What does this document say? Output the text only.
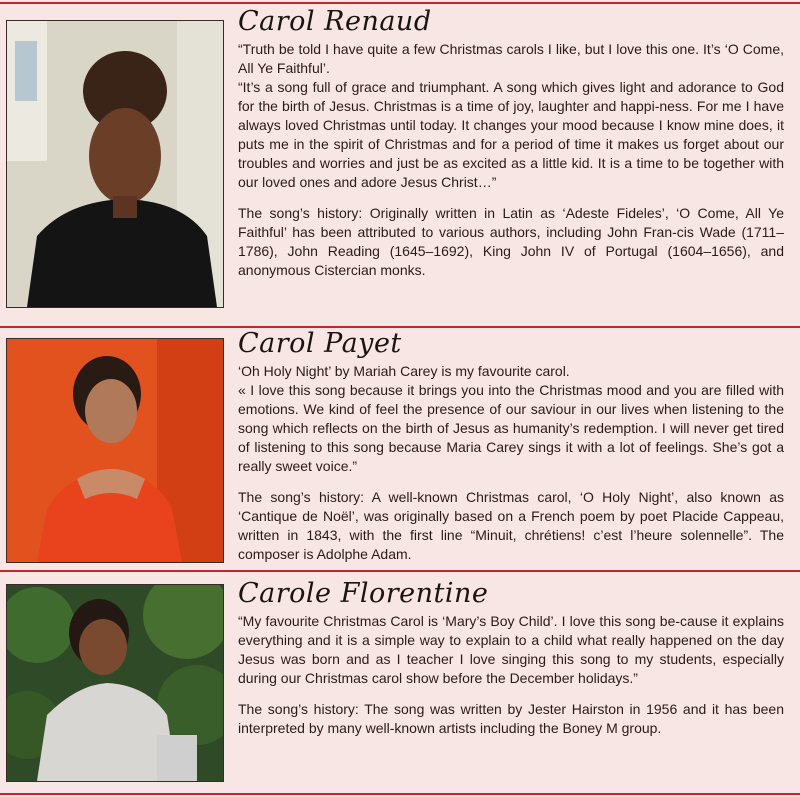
Carol Renaud

“Truth be told I have quite a few Christmas carols I like, but I love this one. It’s ‘O Come, All Ye Faithful’.

“It’s a song full of grace and triumphant. A song which gives light and adorance to God for the birth of Jesus. Christmas is a time of joy, laughter and happi-ness. For me I have always loved Christmas until today. It changes your mood because I know mine does, it puts me in the spirit of Christmas and for a period of time it makes us forget about our troubles and worries and just be as excited as a little kid. It is a time to be together with our loved ones and adore Jesus Christ…”

The song’s history: Originally written in Latin as ‘Adeste Fideles’, ‘O Come, All Ye Faithful’ has been attributed to various authors, including John Fran-cis Wade (1711–1786), John Reading (1645–1692), King John IV of Portugal (1604–1656), and anonymous Cistercian monks.

Carol Payet

‘Oh Holy Night’ by Mariah Carey is my favourite carol.

« I love this song because it brings you into the Christmas mood and you are filled with emotions. We kind of feel the presence of our saviour in our lives when listening to the song which reflects on the birth of Jesus as humanity’s redemption. I will never get tired of listening to this song because Maria Carey sings it with a lot of feelings. She’s got a really sweet voice.”

The song’s history: A well-known Christmas carol, ‘O Holy Night’, also known as ‘Cantique de Noël’, was originally based on a French poem by poet Placide Cappeau, written in 1843, with the first line “Minuit, chrétiens! c’est l’heure solennelle”. The composer is Adolphe Adam.

Carole Florentine

“My favourite Christmas Carol is ‘Mary’s Boy Child’. I love this song be-cause it explains everything and it is a simple way to explain to a child what really happened on the day Jesus was born and as I teacher I love singing this song to my students, especially during our Christmas carol show before the December holidays.”

The song’s history: The song was written by Jester Hairston in 1956 and it has been interpreted by many well-known artists including the Boney M group.
